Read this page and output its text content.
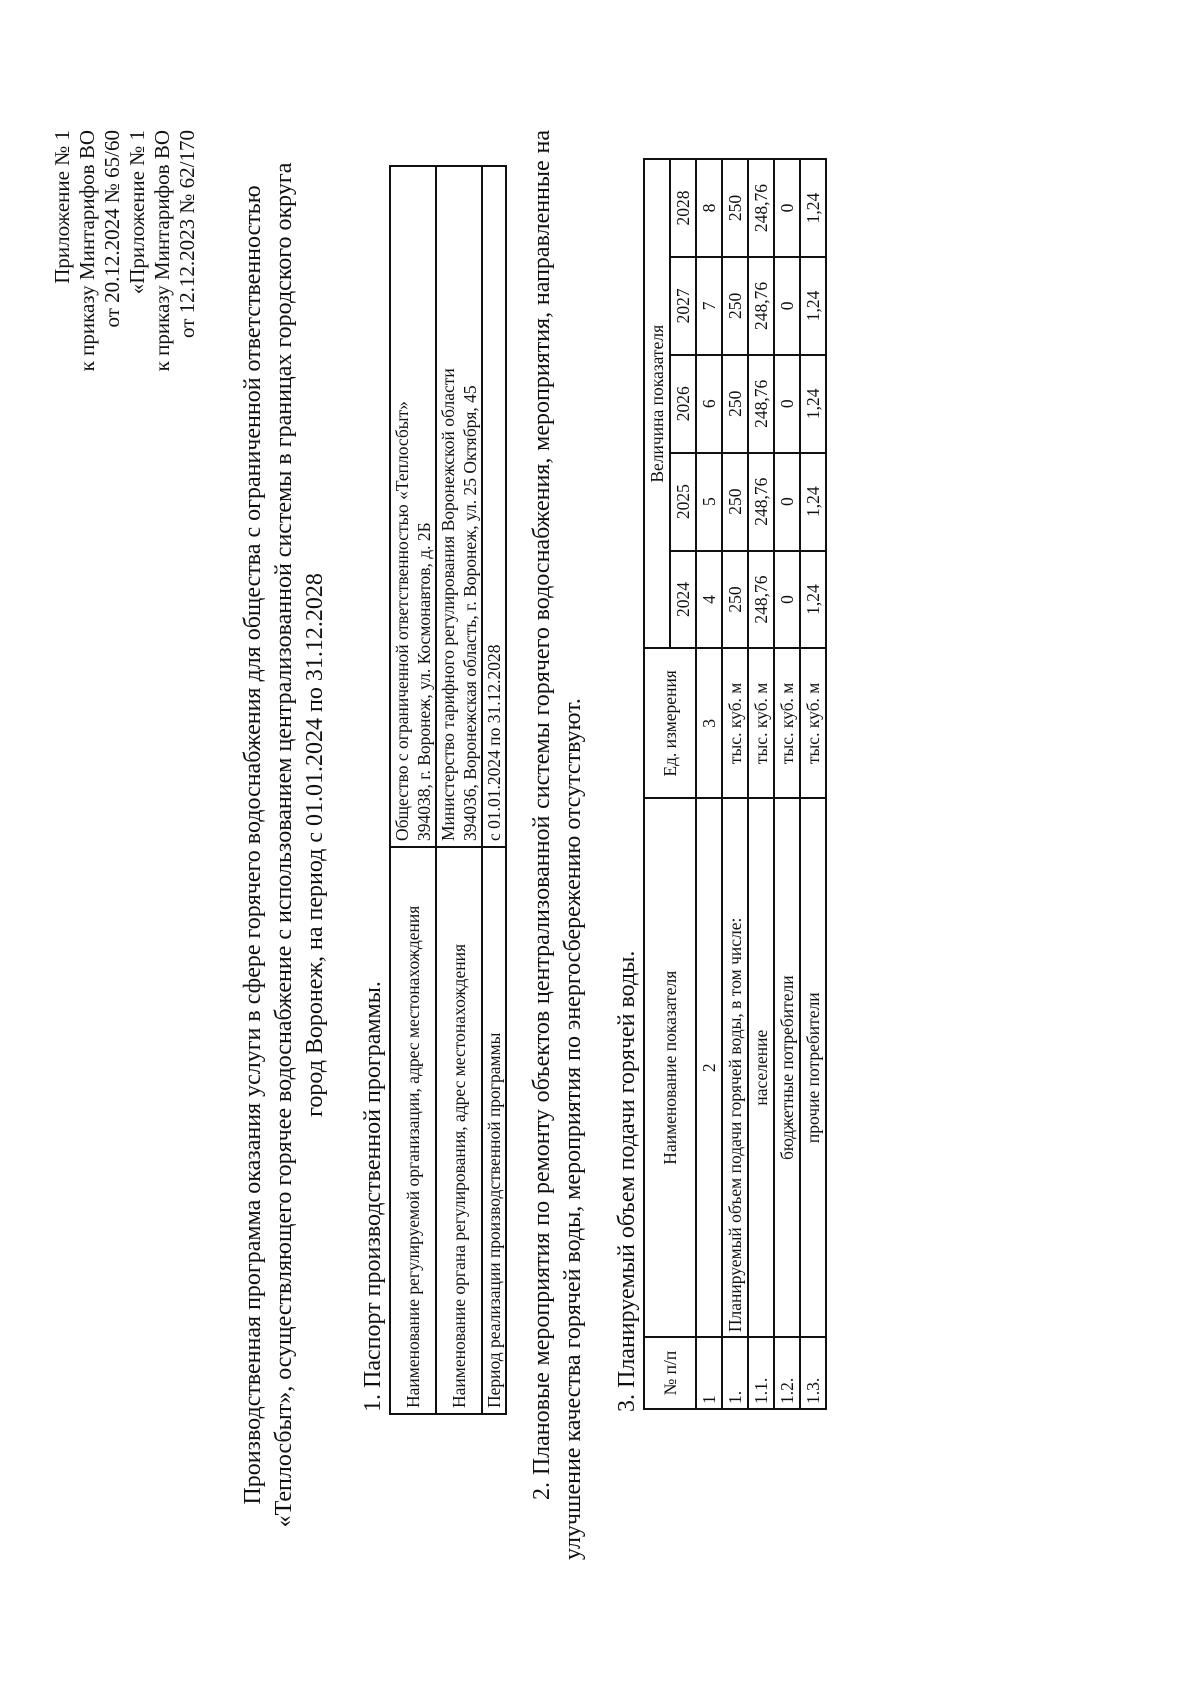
Приложение № 1 к приказу Минтарифов ВО от 20.12.2024 № 65/60 «Приложение № 1 к приказу Минтарифов ВО от 12.12.2023 № 62/170 Производственная программа оказания услуги в сфере горячего водоснабжения для общества с ограниченной ответственностью «Теплосбыт», осуществляющего горячее водоснабжение с использованием централизованной системы в границах городского округа город Воронеж, на период с 01.01.2024 по 31.12.2028
1. Паспорт производственной программы. Наименование регулируемой организации, адрес местонахождения	Общество с ограниченной ответственностью «Теплосбыт» 394038, г. Воронеж, ул. Космонавтов, д. 2Б

Наименование органа регулирования, адрес местонахождения	Министерство тарифного регулирования Воронежской области 394036, Воронежская область, г. Воронеж, ул. 25 Октября, 45

Период реализации производственной программы	с 01.01.2024 по 31.12.2028 2. Плановые мероприятия по ремонту объектов централизованной системы горячего водоснабжения, мероприятия, направленные на улучшение качества горячей воды, мероприятия по энергосбережению отсутствуют. 3. Планируемый объем подачи горячей воды. № п/п	Наименование показателя	Ед. измерения	Величина показателя				
			2024	2025	2026	2027	2028
1	2	3	4	5	6	7	8
1.	Планируемый объем подачи горячей воды, в том числе:	тыс. куб. м	250	250	250	250	250
1.1.	население	тыс. куб. м	248,76	248,76	248,76	248,76	248,76
1.2.	бюджетные потребители	тыс. куб. м	0	0	0	0	0
1.3.	прочие потребители	тыс. куб. м	1,24	1,24	1,24	1,24	1,24
